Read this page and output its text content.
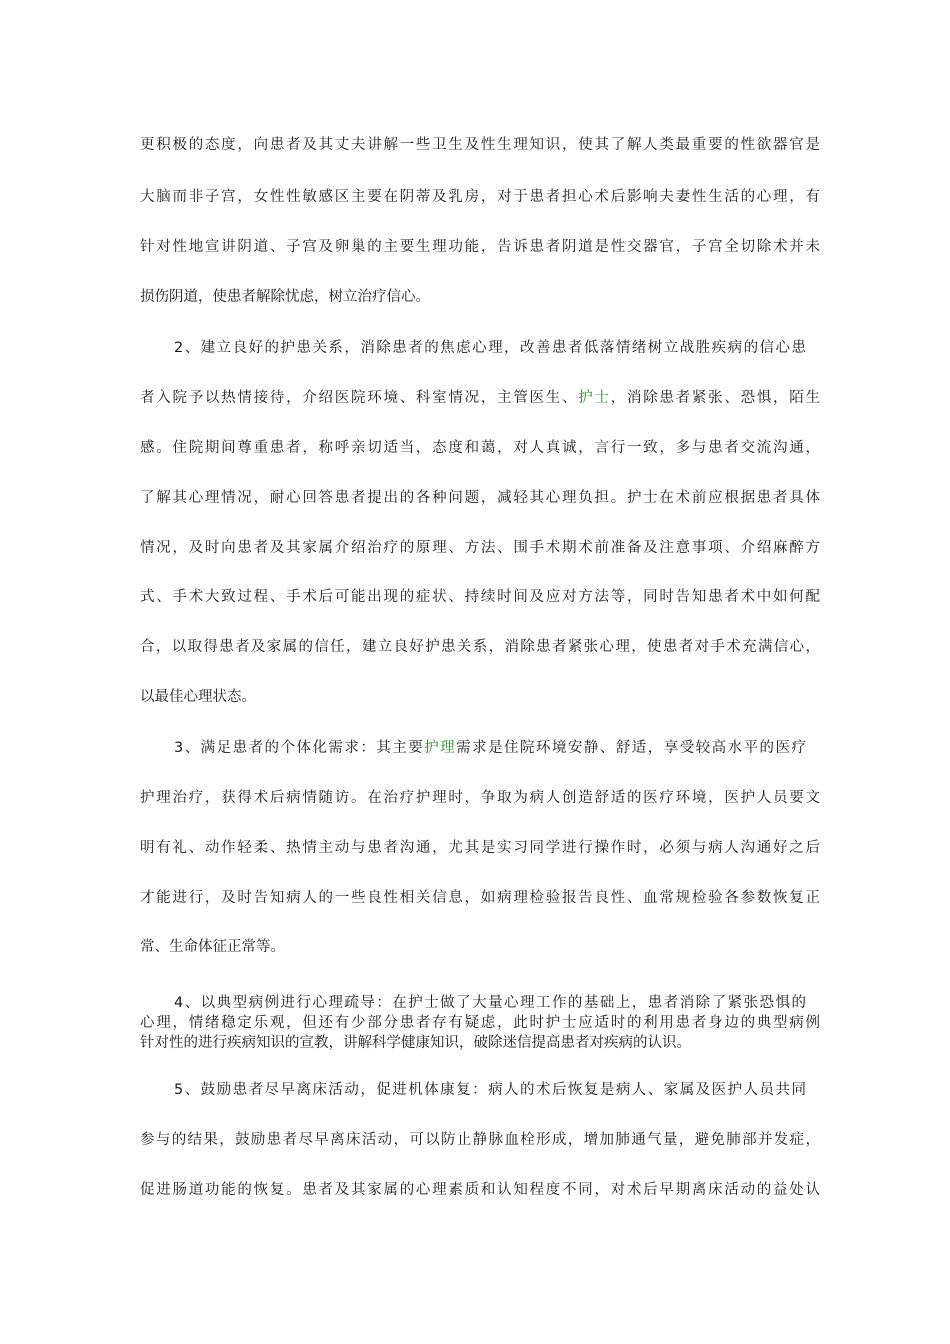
更积极的态度，向患者及其丈夫讲解一些卫生及性生理知识，使其了解人类最重要的性欲器官是
大脑而非子宫，女性性敏感区主要在阴蒂及乳房，对于患者担心术后影响夫妻性生活的心理，有
针对性地宣讲阴道、子宫及卵巢的主要生理功能，告诉患者阴道是性交器官，子宫全切除术并未
损伤阴道，使患者解除忧虑，树立治疗信心。
2、建立良好的护患关系，消除患者的焦虑心理，改善患者低落情绪树立战胜疾病的信心患
者入院予以热情接待，介绍医院环境、科室情况，主管医生、护士，消除患者紧张、恐惧，陌生
感。住院期间尊重患者，称呼亲切适当，态度和蔼，对人真诚，言行一致，多与患者交流沟通，
了解其心理情况，耐心回答患者提出的各种问题，减轻其心理负担。护士在术前应根据患者具体
情况，及时向患者及其家属介绍治疗的原理、方法、围手术期术前准备及注意事项、介绍麻醉方
式、手术大致过程、手术后可能出现的症状、持续时间及应对方法等，同时告知患者术中如何配
合，以取得患者及家属的信任，建立良好护患关系，消除患者紧张心理，使患者对手术充满信心，
以最佳心理状态。
3、满足患者的个体化需求：其主要护理需求是住院环境安静、舒适，享受较高水平的医疗
护理治疗，获得术后病情随访。在治疗护理时，争取为病人创造舒适的医疗环境，医护人员要文
明有礼、动作轻柔、热情主动与患者沟通，尤其是实习同学进行操作时，必须与病人沟通好之后
才能进行，及时告知病人的一些良性相关信息，如病理检验报告良性、血常规检验各参数恢复正
常、生命体征正常等。
4、以典型病例进行心理疏导：在护士做了大量心理工作的基础上，患者消除了紧张恐惧的
心理，情绪稳定乐观，但还有少部分患者存有疑虑，此时护士应适时的利用患者身边的典型病例
针对性的进行疾病知识的宣教，讲解科学健康知识，破除迷信提高患者对疾病的认识。
5、鼓励患者尽早离床活动，促进机体康复：病人的术后恢复是病人、家属及医护人员共同
参与的结果，鼓励患者尽早离床活动，可以防止静脉血栓形成，增加肺通气量，避免肺部并发症，
促进肠道功能的恢复。患者及其家属的心理素质和认知程度不同，对术后早期离床活动的益处认
